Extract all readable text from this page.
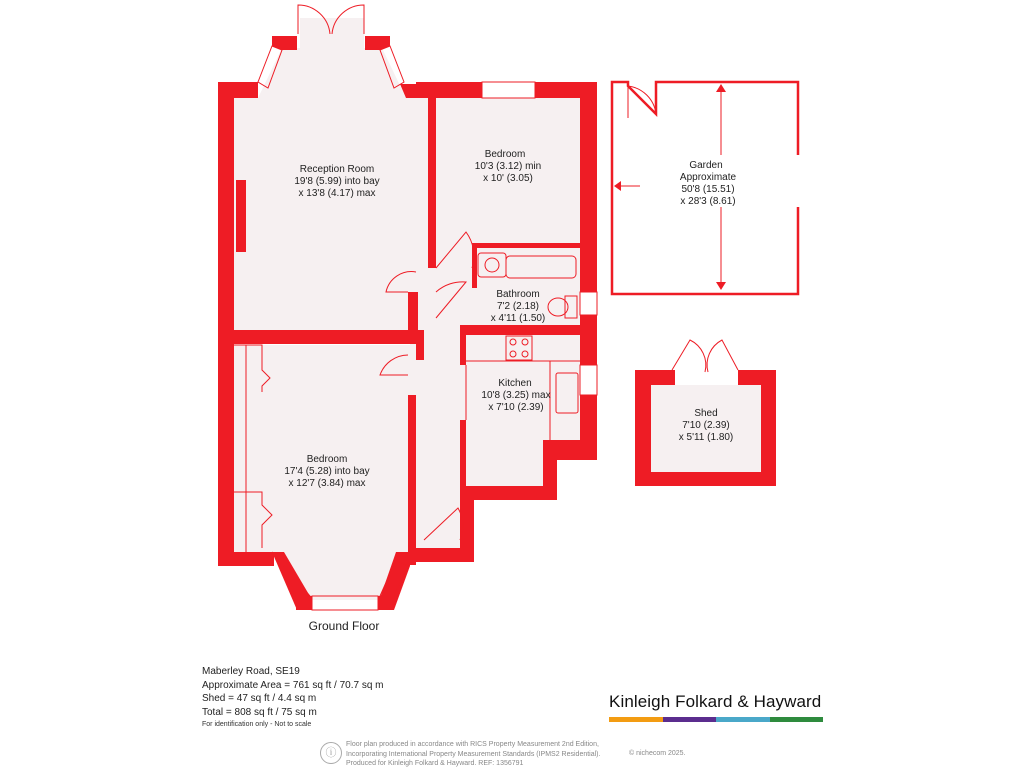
Reception Room
19'8 (5.99) into bay
x 13'8 (4.17) max
Bedroom
10'3 (3.12) min
x 10' (3.05)
Bathroom
7'2 (2.18)
x 4'11 (1.50)
Kitchen
10'8 (3.25) max
x 7'10 (2.39)
Bedroom
17'4 (5.28) into bay
x 12'7 (3.84) max
Garden
Approximate
50'8 (15.51)
x 28'3 (8.61)
Shed
7'10 (2.39)
x 5'11 (1.80)
Ground Floor
Maberley Road, SE19
Approximate Area = 761 sq ft / 70.7 sq m
Shed = 47 sq ft / 4.4 sq m
Total = 808 sq ft / 75 sq m
For identification only - Not to scale
Kinleigh Folkard & Hayward
ⓘ
Floor plan produced in accordance with RICS Property Measurement 2nd Edition,
Incorporating International Property Measurement Standards (IPMS2 Residential).
Produced for Kinleigh Folkard & Hayward. REF: 1356791
© nichecom 2025.
